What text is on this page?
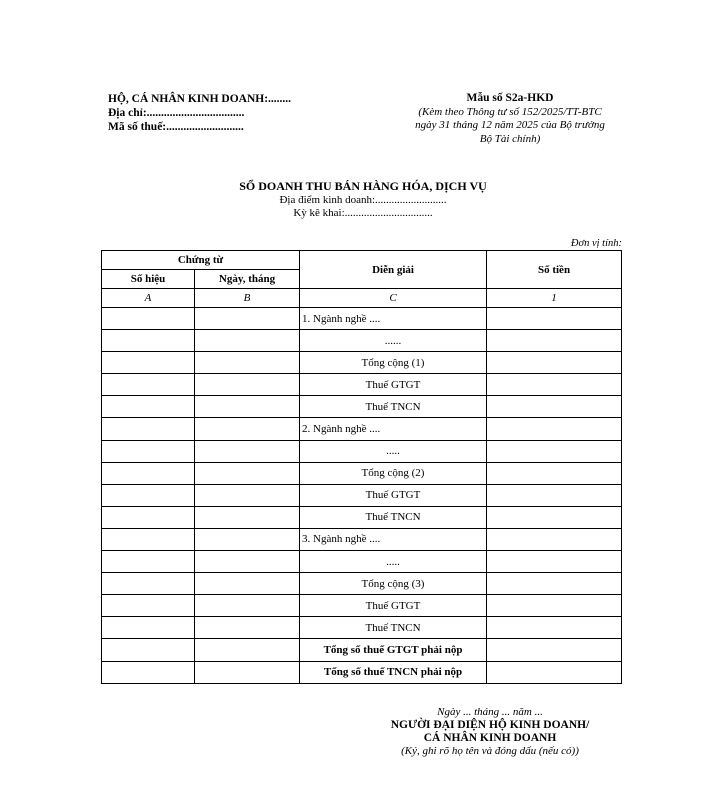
HỘ, CÁ NHÂN KINH DOANH:........
Địa chỉ:..................................
Mã số thuế:...........................
Mẫu số S2a-HKD
(Kèm theo Thông tư số 152/2025/TT-BTC
ngày 31 tháng 12 năm 2025 của Bộ trưởng
Bộ Tài chính)
SỔ DOANH THU BÁN HÀNG HÓA, DỊCH VỤ
Địa điểm kinh doanh:..........................
Kỳ kê khai:................................
Đơn vị tính:
Chứng từ		Diễn giải	Số tiền
Số hiệu	Ngày, tháng		
A	B	C	1
		1. Ngành nghề ....	
		......	
		Tổng cộng (1)	
		Thuế GTGT	
		Thuế TNCN	
		2. Ngành nghề ....	
		.....	
		Tổng cộng (2)	
		Thuế GTGT	
		Thuế TNCN	
		3. Ngành nghề ....	
		.....	
		Tổng cộng (3)	
		Thuế GTGT	
		Thuế TNCN	
		Tổng số thuế GTGT phải nộp	
		Tổng số thuế TNCN phải nộp	
Ngày ... tháng ... năm ...
NGƯỜI ĐẠI DIỆN HỘ KINH DOANH/
CÁ NHÂN KINH DOANH
(Ký, ghi rõ họ tên và đóng dấu (nếu có))
